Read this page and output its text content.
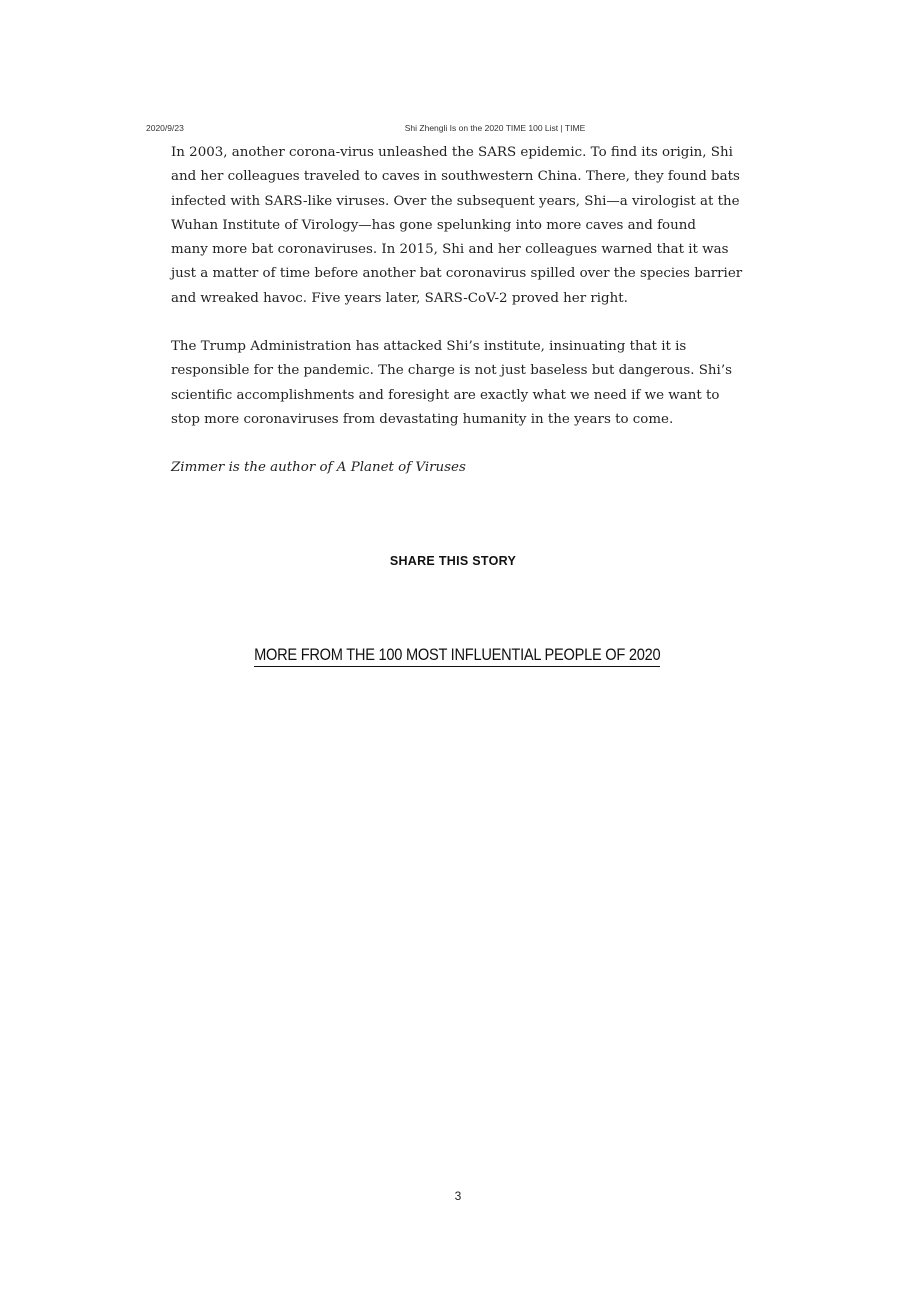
2020/9/23	Shi Zhengli Is on the 2020 TIME 100 List | TIME

In 2003, another corona-virus unleashed the SARS epidemic. To find its origin, Shi
and her colleagues traveled to caves in southwestern China. There, they found bats
infected with SARS-like viruses. Over the subsequent years, Shi—a virologist at the
Wuhan Institute of Virology—has gone spelunking into more caves and found
many more bat coronaviruses. In 2015, Shi and her colleagues warned that it was
just a matter of time before another bat coronavirus spilled over the species barrier
and wreaked havoc. Five years later, SARS-CoV-2 proved her right.

The Trump Administration has attacked Shi’s institute, insinuating that it is
responsible for the pandemic. The charge is not just baseless but dangerous. Shi’s
scientific accomplishments and foresight are exactly what we need if we want to
stop more coronaviruses from devastating humanity in the years to come.

Zimmer is the author of A Planet of Viruses

SHARE THIS STORY
MORE FROM THE 100 MOST INFLUENTIAL PEOPLE OF 2020
3
